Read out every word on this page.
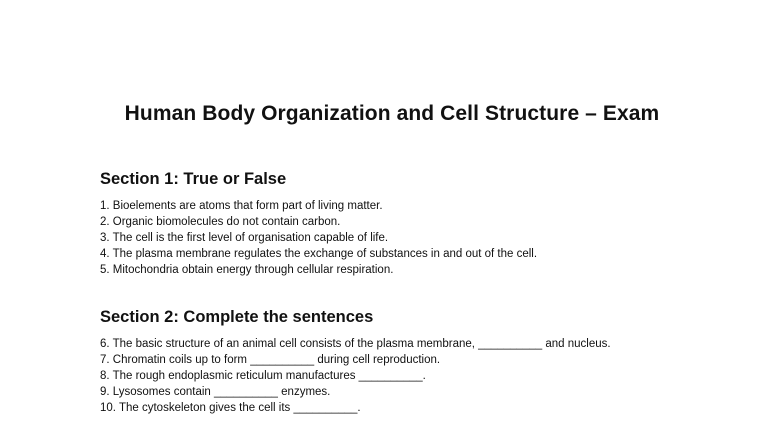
Human Body Organization and Cell Structure – Exam
Section 1: True or False
1. Bioelements are atoms that form part of living matter.
2. Organic biomolecules do not contain carbon.
3. The cell is the first level of organisation capable of life.
4. The plasma membrane regulates the exchange of substances in and out of the cell.
5. Mitochondria obtain energy through cellular respiration.
Section 2: Complete the sentences
6. The basic structure of an animal cell consists of the plasma membrane, __________ and nucleus.
7. Chromatin coils up to form __________ during cell reproduction.
8. The rough endoplasmic reticulum manufactures __________.
9. Lysosomes contain __________ enzymes.
10. The cytoskeleton gives the cell its __________.
